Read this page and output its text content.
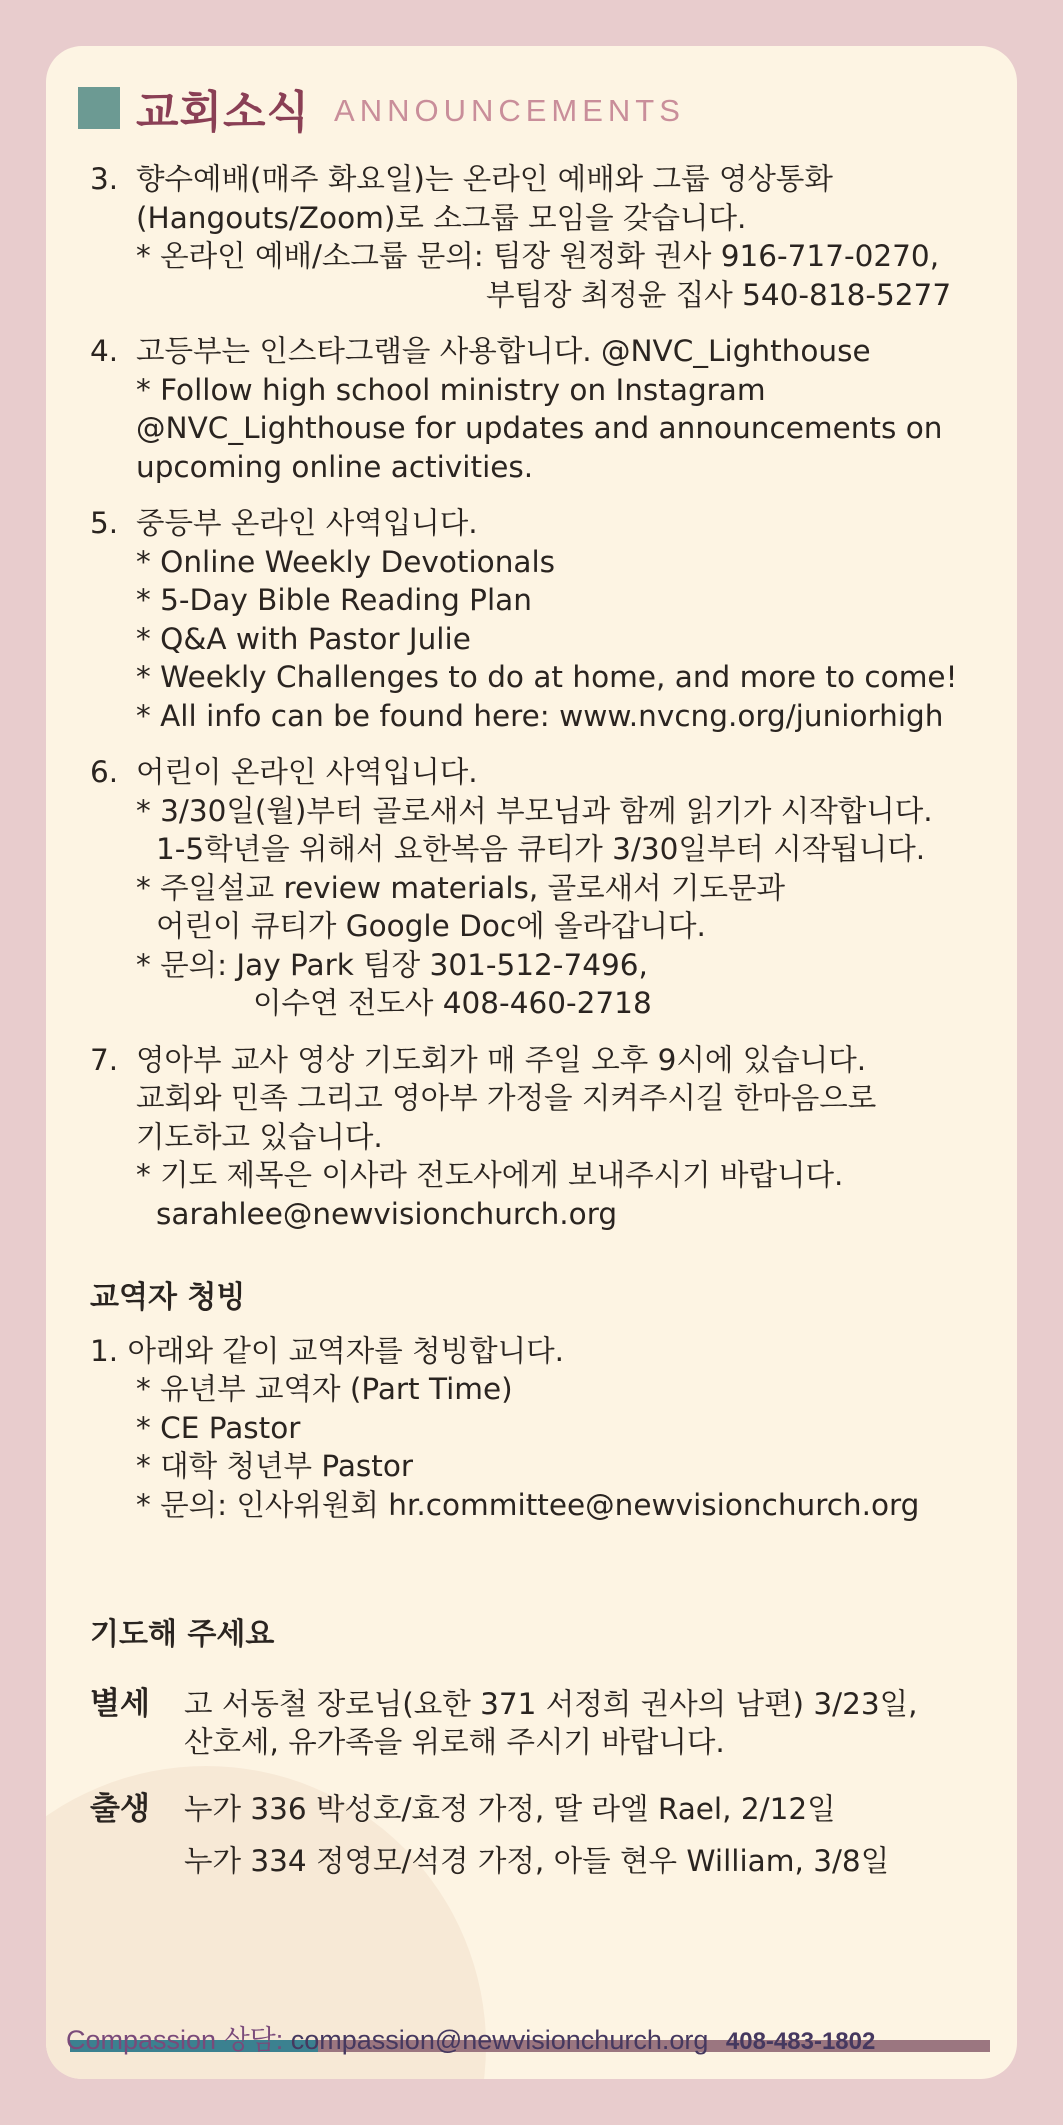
교회소식 ANNOUNCEMENTS
3. 향수예배(매주 화요일)는 온라인 예배와 그룹 영상통화
(Hangouts/Zoom)로 소그룹 모임을 갖습니다.
* 온라인 예배/소그룹 문의: 팀장 원정화 권사 916-717-0270,
부팀장 최정윤 집사 540-818-5277
4. 고등부는 인스타그램을 사용합니다. @NVC_Lighthouse
* Follow high school ministry on Instagram
@NVC_Lighthouse for updates and announcements on
upcoming online activities.
5. 중등부 온라인 사역입니다.
* Online Weekly Devotionals
* 5-Day Bible Reading Plan
* Q&A with Pastor Julie
* Weekly Challenges to do at home, and more to come!
* All info can be found here: www.nvcng.org/juniorhigh
6. 어린이 온라인 사역입니다.
* 3/30일(월)부터 골로새서 부모님과 함께 읽기가 시작합니다.
1-5학년을 위해서 요한복음 큐티가 3/30일부터 시작됩니다.
* 주일설교 review materials, 골로새서 기도문과
어린이 큐티가 Google Doc에 올라갑니다.
* 문의: Jay Park 팀장 301-512-7496,
이수연 전도사 408-460-2718
7. 영아부 교사 영상 기도회가 매 주일 오후 9시에 있습니다.
교회와 민족 그리고 영아부 가정을 지켜주시길 한마음으로
기도하고 있습니다.
* 기도 제목은 이사라 전도사에게 보내주시기 바랍니다.
sarahlee@newvisionchurch.org
교역자 청빙
1. 아래와 같이 교역자를 청빙합니다.
* 유년부 교역자 (Part Time)
* CE Pastor
* 대학 청년부 Pastor
* 문의: 인사위원회 hr.committee@newvisionchurch.org
기도해 주세요
별세	고 서동철 장로님(요한 371 서정희 권사의 남편) 3/23일,
산호세, 유가족을 위로해 주시기 바랍니다.
출생	누가 336 박성호/효정 가정, 딸 라엘 Rael, 2/12일
누가 334 정영모/석경 가정, 아들 현우 William, 3/8일
Compassion 상담: compassion@newvisionchurch.org 408-483-1802
